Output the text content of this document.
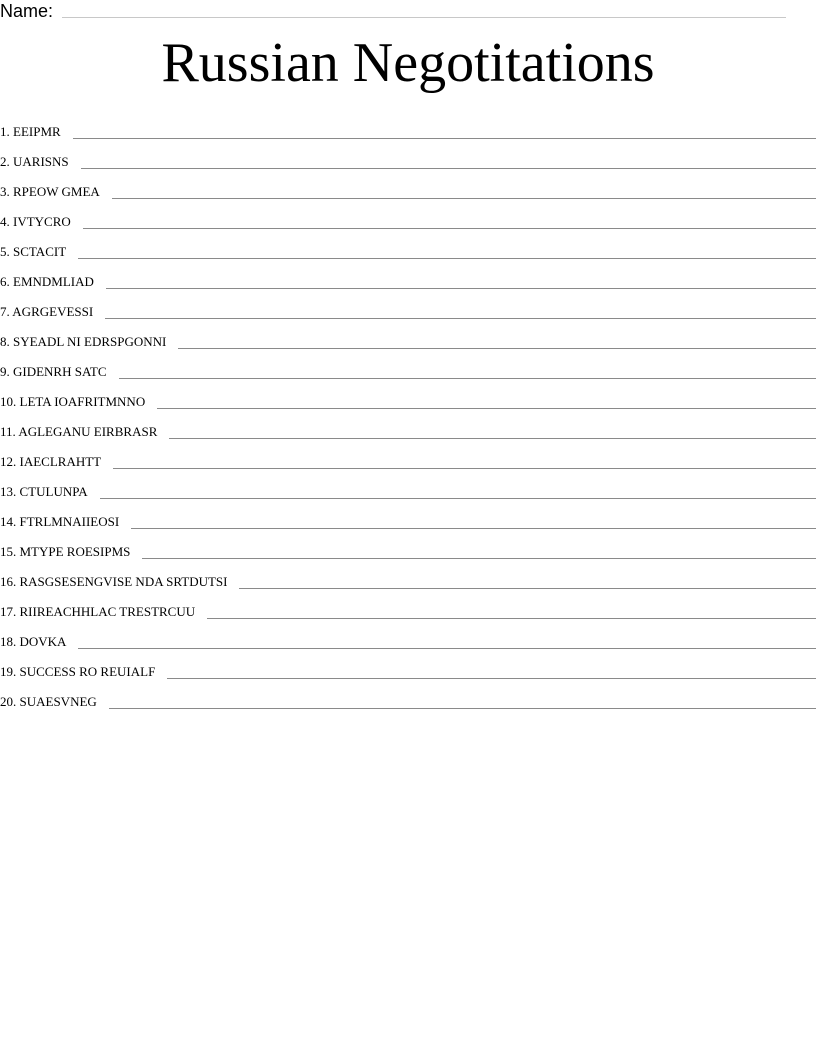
Name:
Russian Negotitations
1. EEIPMR
2. UARISNS
3. RPEOW GMEA
4. IVTYCRO
5. SCTACIT
6. EMNDMLIAD
7. AGRGEVESSI
8. SYEADL NI EDRSPGONNI
9. GIDENRH SATC
10. LETA IOAFRITMNNO
11. AGLEGANU EIRBRASR
12. IAECLRAHTT
13. CTULUNPA
14. FTRLMNAIIEOSI
15. MTYPE ROESIPMS
16. RASGSESENGVISE NDA SRTDUTSI
17. RIIREACHHLAC TRESTRCUU
18. DOVKA
19. SUCCESS RO REUIALF
20. SUAESVNEG
